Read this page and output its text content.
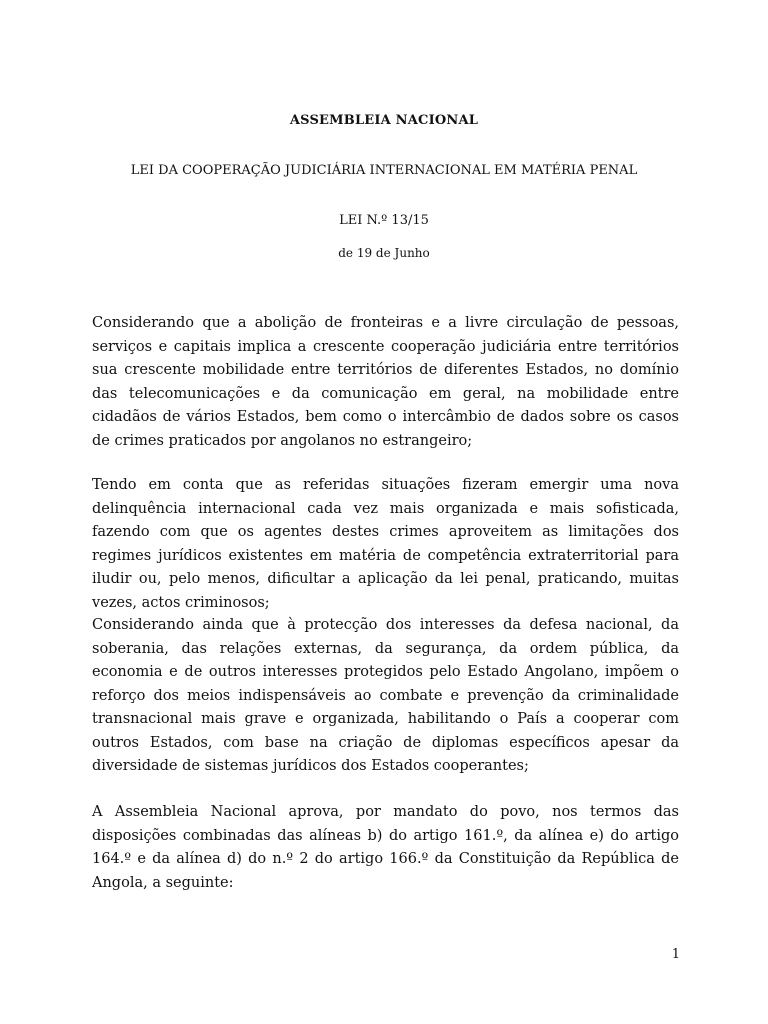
ASSEMBLEIA NACIONAL
LEI DA COOPERAÇÃO JUDICIÁRIA INTERNACIONAL EM MATÉRIA PENAL
LEI N.º 13/15
de 19 de Junho
Considerando que a abolição de fronteiras e a livre circulação de pessoas, serviços e capitais implica a crescente cooperação judiciária entre territórios sua crescente mobilidade entre territórios de diferentes Estados, no domínio das telecomunicações e da comunicação em geral, na mobilidade entre cidadãos de vários Estados, bem como o intercâmbio de dados sobre os casos de crimes praticados por angolanos no estrangeiro;
Tendo em conta que as referidas situações fizeram emergir uma nova delinquência internacional cada vez mais organizada e mais sofisticada, fazendo com que os agentes destes crimes aproveitem as limitações dos regimes jurídicos existentes em matéria de competência extraterritorial para iludir ou, pelo menos, dificultar a aplicação da lei penal, praticando, muitas vezes, actos criminosos;
Considerando ainda que à protecção dos interesses da defesa nacional, da soberania, das relações externas, da segurança, da ordem pública, da economia e de outros interesses protegidos pelo Estado Angolano, impõem o reforço dos meios indispensáveis ao combate e prevenção da criminalidade transnacional mais grave e organizada, habilitando o País a cooperar com outros Estados, com base na criação de diplomas específicos apesar da diversidade de sistemas jurídicos dos Estados cooperantes;
A Assembleia Nacional aprova, por mandato do povo, nos termos das disposições combinadas das alíneas b) do artigo 161.º, da alínea e) do artigo 164.º e da alínea d) do n.º 2 do artigo 166.º da Constituição da República de Angola, a seguinte:
1
